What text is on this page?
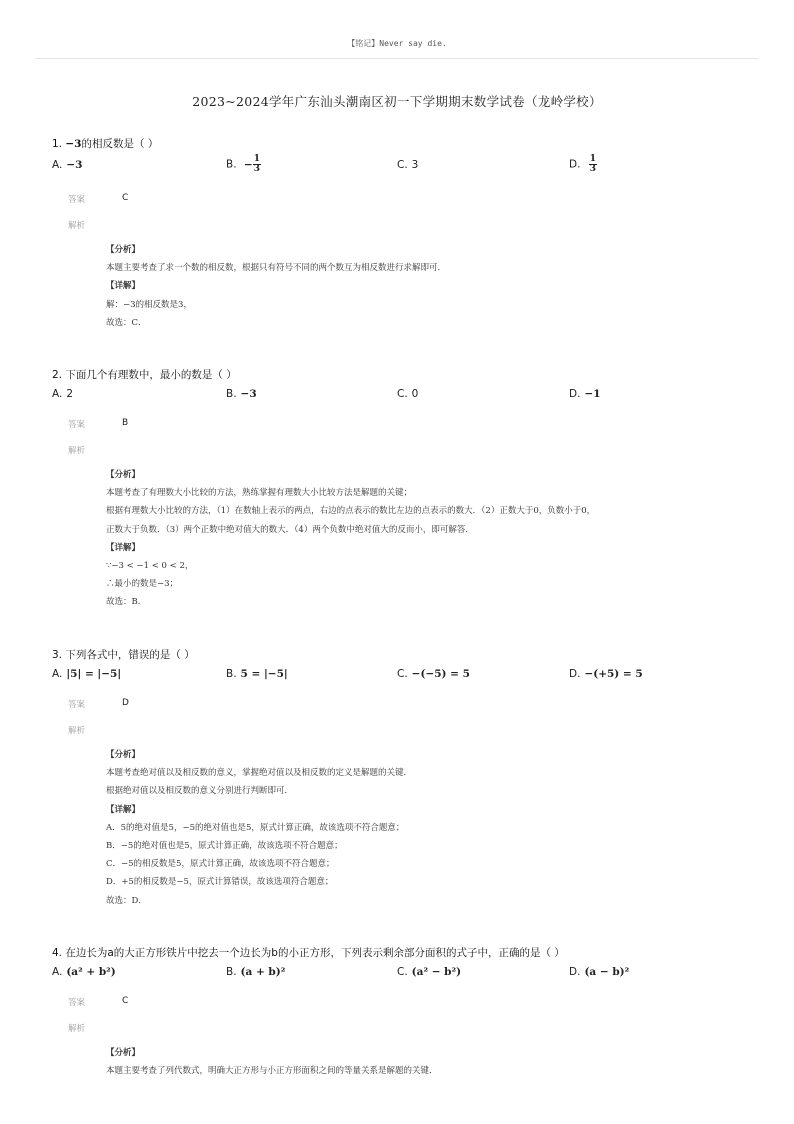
【铭记】Never say die.
2023~2024学年广东汕头潮南区初一下学期期末数学试卷（龙岭学校）
1. −3的相反数是（ ）
A. −3	B. − $\frac{1}{3}$	C. 3	D. $\frac{1}{3}$
答案	C
解析
【分析】
本题主要考查了求一个数的相反数，根据只有符号不同的两个数互为相反数进行求解即可．
【详解】
解：−3的相反数是3，
故选：C．
2. 下面几个有理数中，最小的数是（ ）
A. 2	B. −3	C. 0	D. −1
答案	B
解析
【分析】
本题考查了有理数大小比较的方法，熟练掌握有理数大小比较方法是解题的关键；
根据有理数大小比较的方法，（1）在数轴上表示的两点，右边的点表示的数比左边的点表示的数大．（2）正数大于0，负数小于0，
正数大于负数．（3）两个正数中绝对值大的数大．（4）两个负数中绝对值大的反而小，即可解答．
【详解】
∵−3 < −1 < 0 < 2，
∴最小的数是−3；
故选：B．
3. 下列各式中，错误的是（ ）
A. |5| = |−5|	B. 5 = |−5|	C. −(−5) = 5	D. −(+5) = 5
答案	D
解析
【分析】
本题考查绝对值以及相反数的意义，掌握绝对值以及相反数的定义是解题的关键．
根据绝对值以及相反数的意义分别进行判断即可．
【详解】
A．5的绝对值是5，−5的绝对值也是5，原式计算正确，故该选项不符合题意；
B．−5的绝对值也是5，原式计算正确，故该选项不符合题意；
C．−5的相反数是5，原式计算正确，故该选项不符合题意；
D．+5的相反数是−5，原式计算错误，故该选项符合题意；
故选：D．
4. 在边长为a的大正方形铁片中挖去一个边长为b的小正方形，下列表示剩余部分面积的式子中，正确的是（ ）
A. (a² + b²)	B. (a + b)²	C. (a² − b²)	D. (a − b)²
答案	C
解析
【分析】
本题主要考查了列代数式，明确大正方形与小正方形面积之间的等量关系是解题的关键．
